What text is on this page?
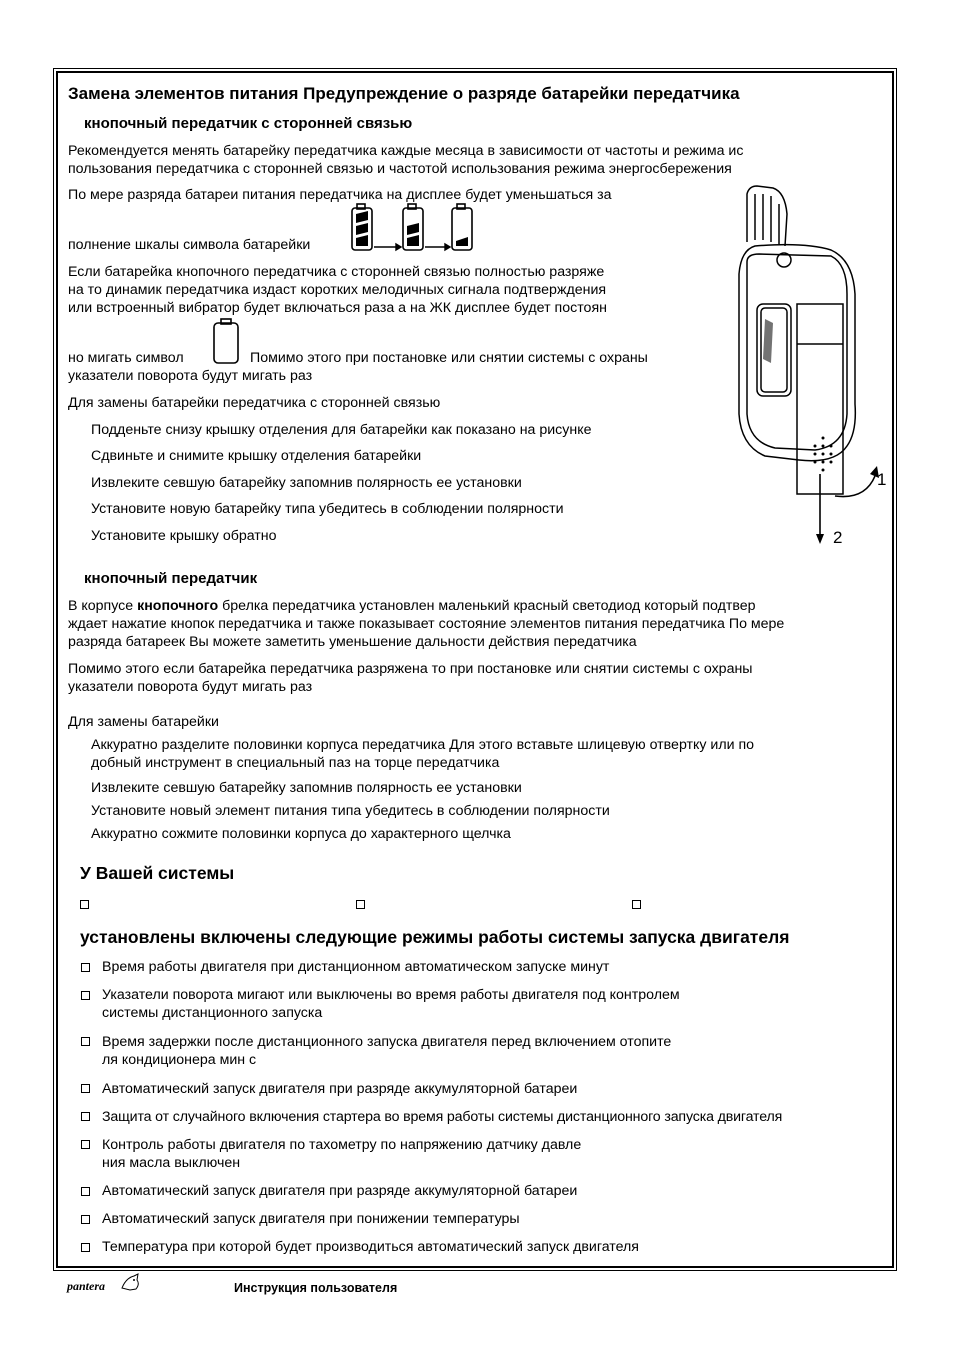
Замена элементов питания Предупреждение о разряде батарейки передатчика
кнопочный передатчик с сторонней связью
Рекомендуется менять батарейку передатчика каждые месяца в зависимости от частоты и режима ис
пользования передатчика с сторонней связью и частотой использования режима энергосбережения
По мере разряда батареи питания передатчика на дисплее будет уменьшаться за
полнение шкалы символа батарейки
Если батарейка кнопочного передатчика с сторонней связью полностью разряже
на то динамик передатчика издаст коротких мелодичных сигнала подтверждения
или встроенный вибратор будет включаться раза а на ЖК дисплее будет постоян
но мигать символ	Помимо этого при постановке или снятии системы с охраны
указатели поворота будут мигать раз
Для замены батарейки передатчика с сторонней связью
Подденьте снизу крышку отделения для батарейки как показано на рисунке
Сдвиньте и снимите крышку отделения батарейки
Извлеките севшую батарейку запомнив полярность ее установки
Установите новую батарейку типа убедитесь в соблюдении полярности
Установите крышку обратно
1
2
кнопочный передатчик
В корпусе кнопочного брелка передатчика установлен маленький красный светодиод который подтвер
ждает нажатие кнопок передатчика и также показывает состояние элементов питания передатчика По мере
разряда батареек Вы можете заметить уменьшение дальности действия передатчика
Помимо этого если батарейка передатчика разряжена то при постановке или снятии системы с охраны
указатели поворота будут мигать раз
Для замены батарейки
Аккуратно разделите половинки корпуса передатчика Для этого вставьте шлицевую отвертку или по
добный инструмент в специальный паз на торце передатчика
Извлеките севшую батарейку запомнив полярность ее установки
Установите новый элемент питания типа убедитесь в соблюдении полярности
Аккуратно сожмите половинки корпуса до характерного щелчка
У Вашей системы
установлены включены следующие режимы работы системы запуска двигателя
Время работы двигателя при дистанционном автоматическом запуске минут
Указатели поворота мигают или выключены во время работы двигателя под контролем
системы дистанционного запуска
Время задержки после дистанционного запуска двигателя перед включением отопите
ля кондиционера мин с
Автоматический запуск двигателя при разряде аккумуляторной батареи
Защита от случайного включения стартера во время работы системы дистанционного запуска двигателя
Контроль работы двигателя по тахометру по напряжению датчику давле
ния масла выключен
Автоматический запуск двигателя при разряде аккумуляторной батареи
Автоматический запуск двигателя при понижении температуры
Температура при которой будет производиться автоматический запуск двигателя
pantera	Инструкция пользователя
